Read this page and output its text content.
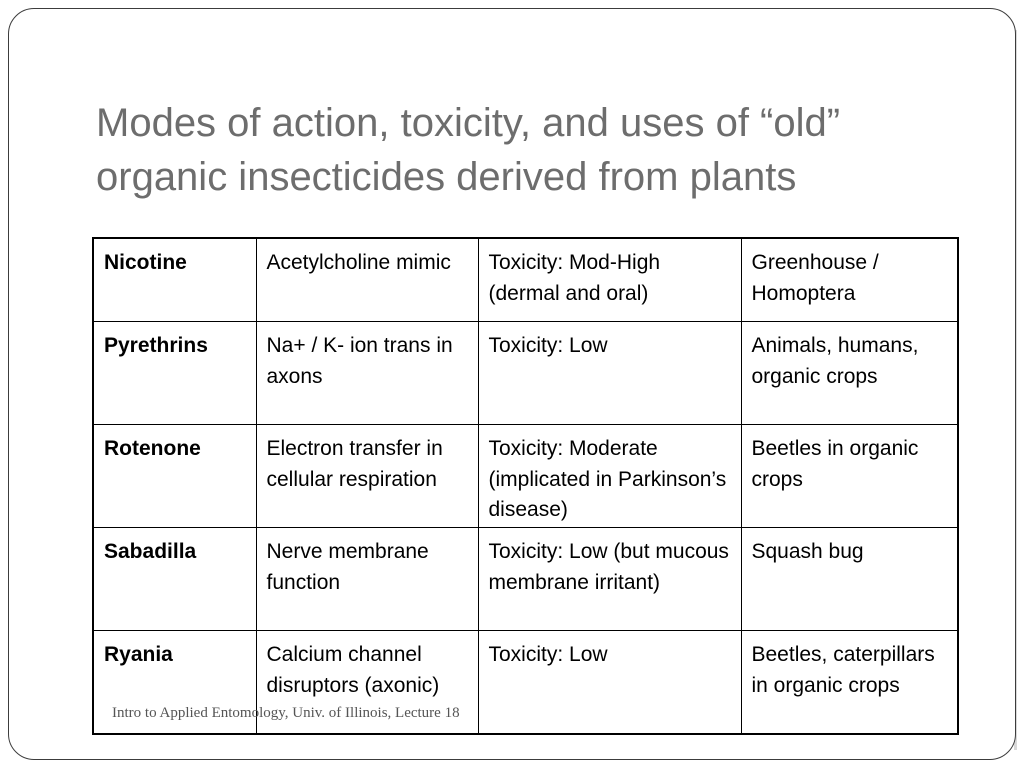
Modes of action, toxicity, and uses of “old”
organic insecticides derived from plants
Nicotine	Acetylcholine mimic	Toxicity: Mod-High (dermal and oral)	Greenhouse / Homoptera
Pyrethrins	Na+ / K- ion trans in axons	Toxicity: Low	Animals, humans, organic crops
Rotenone	Electron transfer in cellular respiration	Toxicity: Moderate (implicated in Parkinson’s disease)	Beetles in organic crops
Sabadilla	Nerve membrane function	Toxicity: Low (but mucous membrane irritant)	Squash bug
Ryania	Calcium channel disruptors (axonic)	Toxicity: Low	Beetles, caterpillars in organic crops
Intro to Applied Entomology, Univ. of Illinois, Lecture 18
